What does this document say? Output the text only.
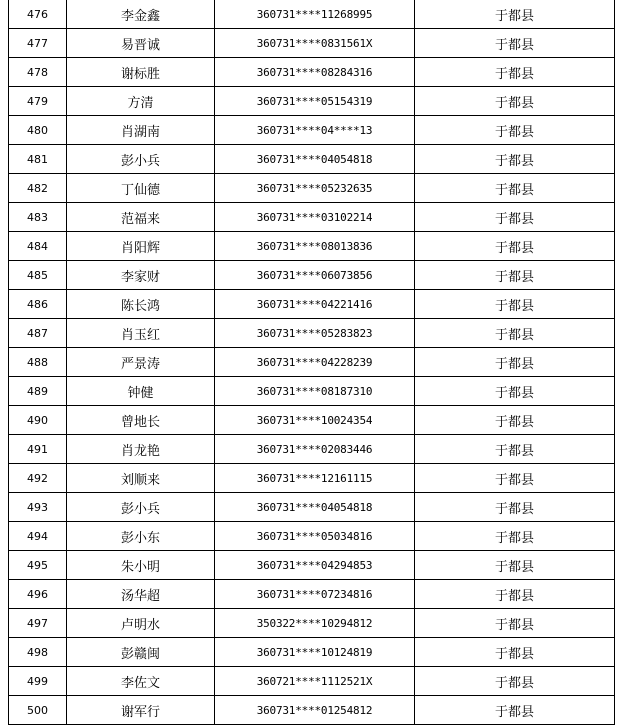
476	李金鑫	360731****11268995	于都县
477	易晋诚	360731****0831561X	于都县
478	谢标胜	360731****08284316	于都县
479	方清	360731****05154319	于都县
480	肖湖南	360731****04****13	于都县
481	彭小兵	360731****04054818	于都县
482	丁仙德	360731****05232635	于都县
483	范福来	360731****03102214	于都县
484	肖阳辉	360731****08013836	于都县
485	李家财	360731****06073856	于都县
486	陈长鸿	360731****04221416	于都县
487	肖玉红	360731****05283823	于都县
488	严景涛	360731****04228239	于都县
489	钟健	360731****08187310	于都县
490	曾地长	360731****10024354	于都县
491	肖龙艳	360731****02083446	于都县
492	刘顺来	360731****12161115	于都县
493	彭小兵	360731****04054818	于都县
494	彭小东	360731****05034816	于都县
495	朱小明	360731****04294853	于都县
496	汤华超	360731****07234816	于都县
497	卢明水	350322****10294812	于都县
498	彭赣闽	360731****10124819	于都县
499	李佐文	360721****1112521X	于都县
500	谢军行	360731****01254812	于都县
